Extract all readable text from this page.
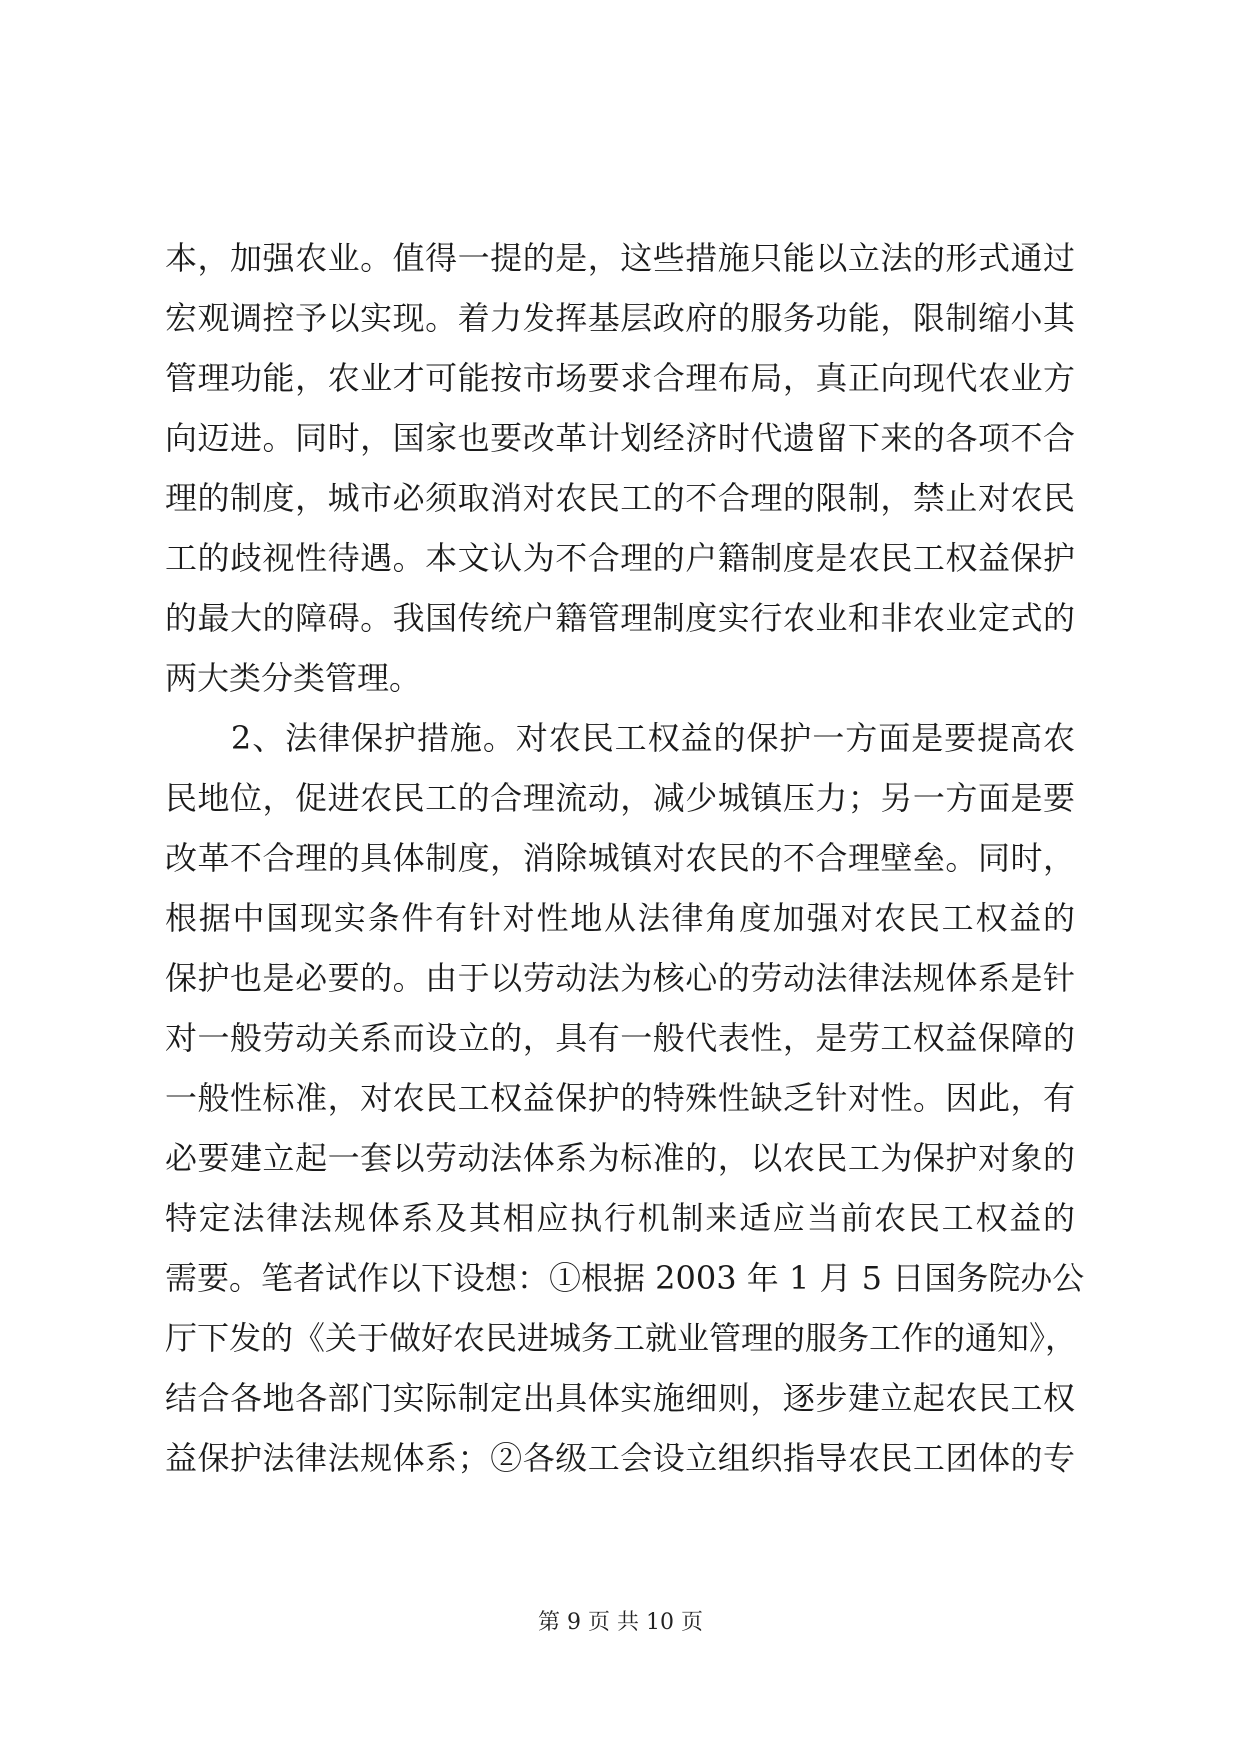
本，加强农业。值得一提的是，这些措施只能以立法的形式通过
宏观调控予以实现。着力发挥基层政府的服务功能，限制缩小其
管理功能，农业才可能按市场要求合理布局，真正向现代农业方
向迈进。同时，国家也要改革计划经济时代遗留下来的各项不合
理的制度，城市必须取消对农民工的不合理的限制，禁止对农民
工的歧视性待遇。本文认为不合理的户籍制度是农民工权益保护
的最大的障碍。我国传统户籍管理制度实行农业和非农业定式的
两大类分类管理。
　　2、法律保护措施。对农民工权益的保护一方面是要提高农
民地位，促进农民工的合理流动，减少城镇压力；另一方面是要
改革不合理的具体制度，消除城镇对农民的不合理壁垒。同时，
根据中国现实条件有针对性地从法律角度加强对农民工权益的
保护也是必要的。由于以劳动法为核心的劳动法律法规体系是针
对一般劳动关系而设立的，具有一般代表性，是劳工权益保障的
一般性标准，对农民工权益保护的特殊性缺乏针对性。因此，有
必要建立起一套以劳动法体系为标准的，以农民工为保护对象的
特定法律法规体系及其相应执行机制来适应当前农民工权益的
需要。笔者试作以下设想：①根据 2003 年 1 月 5 日国务院办公
厅下发的《关于做好农民进城务工就业管理的服务工作的通知》，
结合各地各部门实际制定出具体实施细则，逐步建立起农民工权
益保护法律法规体系；②各级工会设立组织指导农民工团体的专
第 9 页 共 10 页
